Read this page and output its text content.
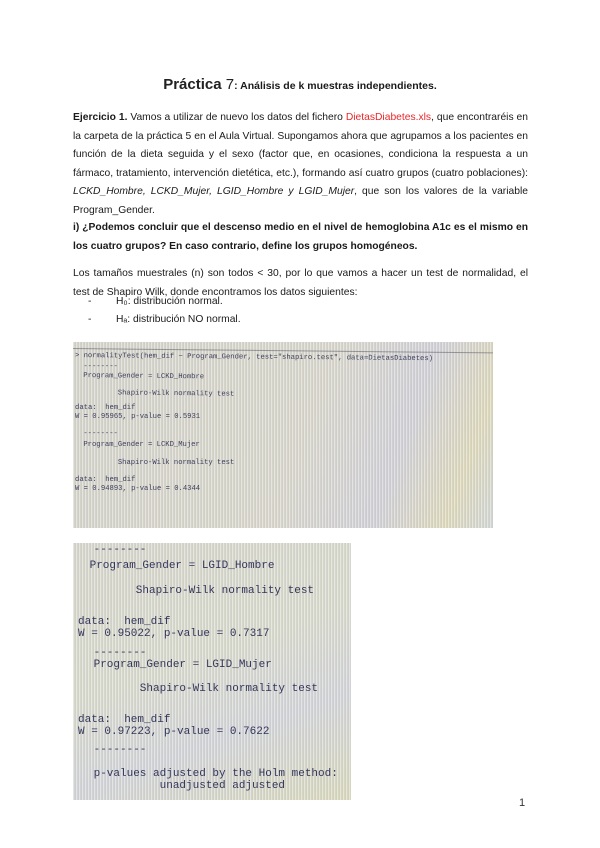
Práctica 7: Análisis de k muestras independientes.
Ejercicio 1. Vamos a utilizar de nuevo los datos del fichero DietasDiabetes.xls, que encontraréis en la carpeta de la práctica 5 en el Aula Virtual. Supongamos ahora que agrupamos a los pacientes en función de la dieta seguida y el sexo (factor que, en ocasiones, condiciona la respuesta a un fármaco, tratamiento, intervención dietética, etc.), formando así cuatro grupos (cuatro poblaciones): LCKD_Hombre, LCKD_Mujer, LGID_Hombre y LGID_Mujer, que son los valores de la variable Program_Gender.
i) ¿Podemos concluir que el descenso medio en el nivel de hemoglobina A1c es el mismo en los cuatro grupos? En caso contrario, define los grupos homogéneos.
Los tamaños muestrales (n) son todos < 30, por lo que vamos a hacer un test de normalidad, el test de Shapiro Wilk, donde encontramos los datos siguientes:
- H₀: distribución normal.
- Hₐ: distribución NO normal.
> normalityTest(hem_dif ~ Program_Gender, test="shapiro.test", data=DietasDiabetes)
--------
Program_Gender = LCKD_Hombre
Shapiro-Wilk normality test
data:  hem_dif
W = 0.95965, p-value = 0.5931
--------
Program_Gender = LCKD_Mujer
Shapiro-Wilk normality test
data:  hem_dif
W = 0.94893, p-value = 0.4344
--------
Program_Gender = LGID_Hombre
Shapiro-Wilk normality test
data:  hem_dif
W = 0.95022, p-value = 0.7317
--------
Program_Gender = LGID_Mujer
Shapiro-Wilk normality test
data:  hem_dif
W = 0.97223, p-value = 0.7622
--------
p-values adjusted by the Holm method:
unadjusted adjusted
1
